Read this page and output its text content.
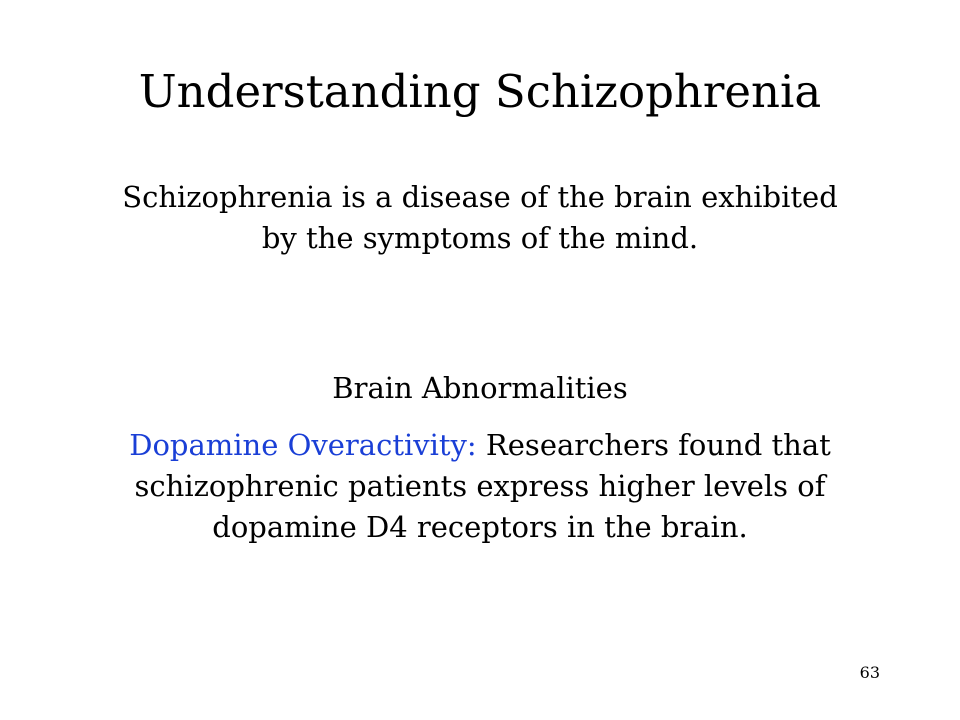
Understanding Schizophrenia
Schizophrenia is a disease of the brain exhibited
by the symptoms of the mind.
Brain Abnormalities
Dopamine Overactivity: Researchers found that
schizophrenic patients express higher levels of
dopamine D4 receptors in the brain.
63
